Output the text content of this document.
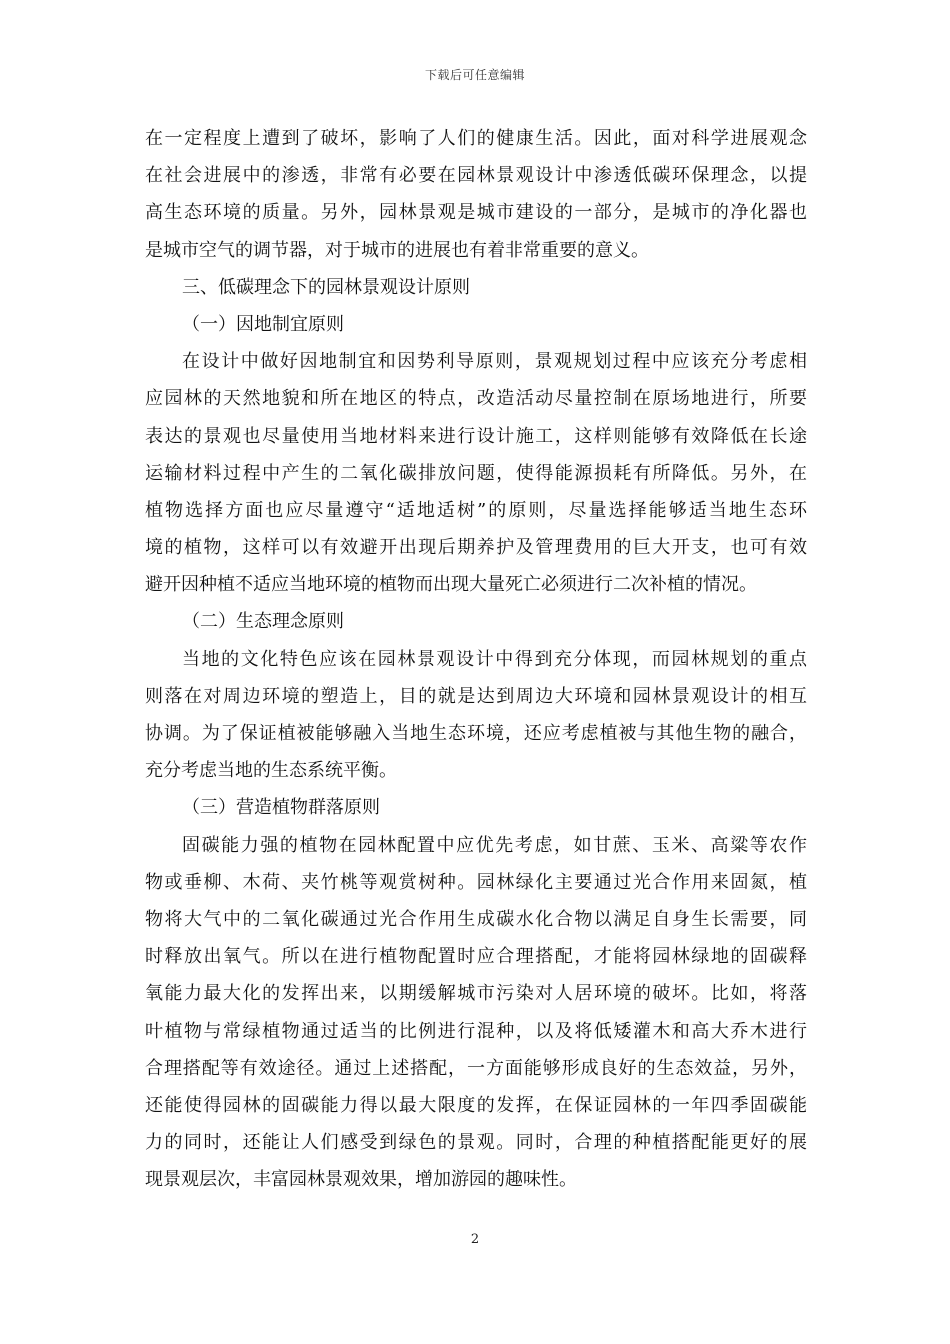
下载后可任意编辑
在一定程度上遭到了破坏，影响了人们的健康生活。因此，面对科学进展观念
在社会进展中的渗透，非常有必要在园林景观设计中渗透低碳环保理念，以提
高生态环境的质量。另外，园林景观是城市建设的一部分，是城市的净化器也
是城市空气的调节器，对于城市的进展也有着非常重要的意义。
三、低碳理念下的园林景观设计原则
（一）因地制宜原则
在设计中做好因地制宜和因势利导原则，景观规划过程中应该充分考虑相
应园林的天然地貌和所在地区的特点，改造活动尽量控制在原场地进行，所要
表达的景观也尽量使用当地材料来进行设计施工，这样则能够有效降低在长途
运输材料过程中产生的二氧化碳排放问题，使得能源损耗有所降低。另外，在
植物选择方面也应尽量遵守“适地适树”的原则，尽量选择能够适当地生态环
境的植物，这样可以有效避开出现后期养护及管理费用的巨大开支，也可有效
避开因种植不适应当地环境的植物而出现大量死亡必须进行二次补植的情况。
（二）生态理念原则
当地的文化特色应该在园林景观设计中得到充分体现，而园林规划的重点
则落在对周边环境的塑造上，目的就是达到周边大环境和园林景观设计的相互
协调。为了保证植被能够融入当地生态环境，还应考虑植被与其他生物的融合，
充分考虑当地的生态系统平衡。
（三）营造植物群落原则
固碳能力强的植物在园林配置中应优先考虑，如甘蔗、玉米、高粱等农作
物或垂柳、木荷、夹竹桃等观赏树种。园林绿化主要通过光合作用来固氮，植
物将大气中的二氧化碳通过光合作用生成碳水化合物以满足自身生长需要，同
时释放出氧气。所以在进行植物配置时应合理搭配，才能将园林绿地的固碳释
氧能力最大化的发挥出来，以期缓解城市污染对人居环境的破坏。比如，将落
叶植物与常绿植物通过适当的比例进行混种，以及将低矮灌木和高大乔木进行
合理搭配等有效途径。通过上述搭配，一方面能够形成良好的生态效益，另外，
还能使得园林的固碳能力得以最大限度的发挥，在保证园林的一年四季固碳能
力的同时，还能让人们感受到绿色的景观。同时，合理的种植搭配能更好的展
现景观层次，丰富园林景观效果，增加游园的趣味性。
2
